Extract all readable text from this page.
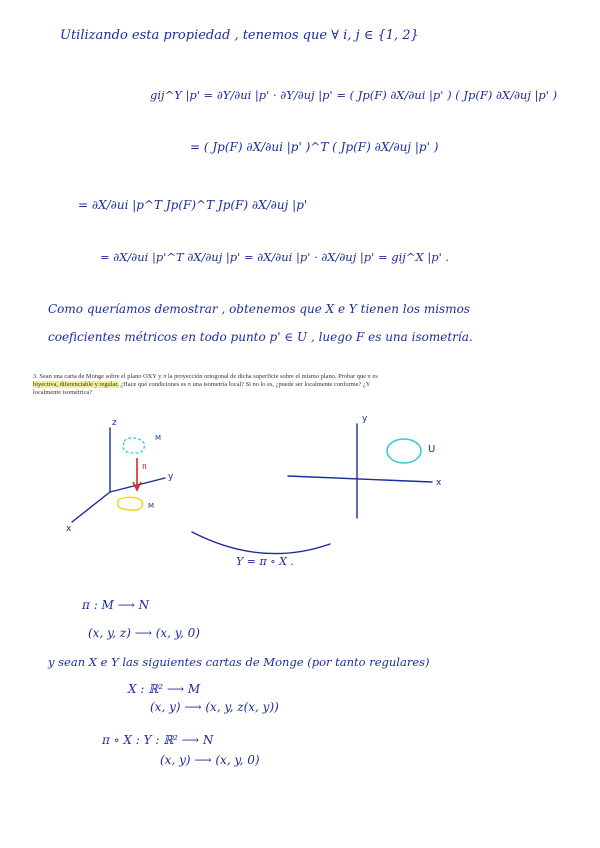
Utilizando esta propiedad , tenemos que ∀ i, j ∈ {1, 2}
gij^Y |p' = ∂Y/∂ui |p' · ∂Y/∂uj |p' = ( Jp(F) ∂X/∂ui |p' ) ( Jp(F) ∂X/∂uj |p' )
= ( Jp(F) ∂X/∂ui |p' )^T ( Jp(F) ∂X/∂uj |p' )
= ∂X/∂ui |p^T Jp(F)^T Jp(F) ∂X/∂uj |p'
= ∂X/∂ui |p'^T ∂X/∂uj |p' = ∂X/∂ui |p' · ∂X/∂uj |p' = gij^X |p' .
Como queríamos demostrar , obtenemos que X e Y tienen los mismos
coeficientes métricos en todo punto p' ∈ U , luego F es una isometría.
3. Sean una carta de Monge sobre el plano OXY y π la proyección ortogonal de dicha superficie sobre el mismo plano. Probar que π es biyectiva, diferenciable y regular. ¿Hace qué condiciones es π una isometría local? Si no lo es, ¿puede ser localmente conforme? ¿Y localmente isométrica?
z
y
x
M
π
M
y
x
U
Y = π ∘ X .
π : M ⟶ N
(x, y, z) ⟶ (x, y, 0)
y sean X e Y las siguientes cartas de Monge (por tanto regulares)
X : ℝ² ⟶ M
(x, y) ⟶ (x, y, z(x, y))
π ∘ X : Y : ℝ² ⟶ N
(x, y) ⟶ (x, y, 0)
